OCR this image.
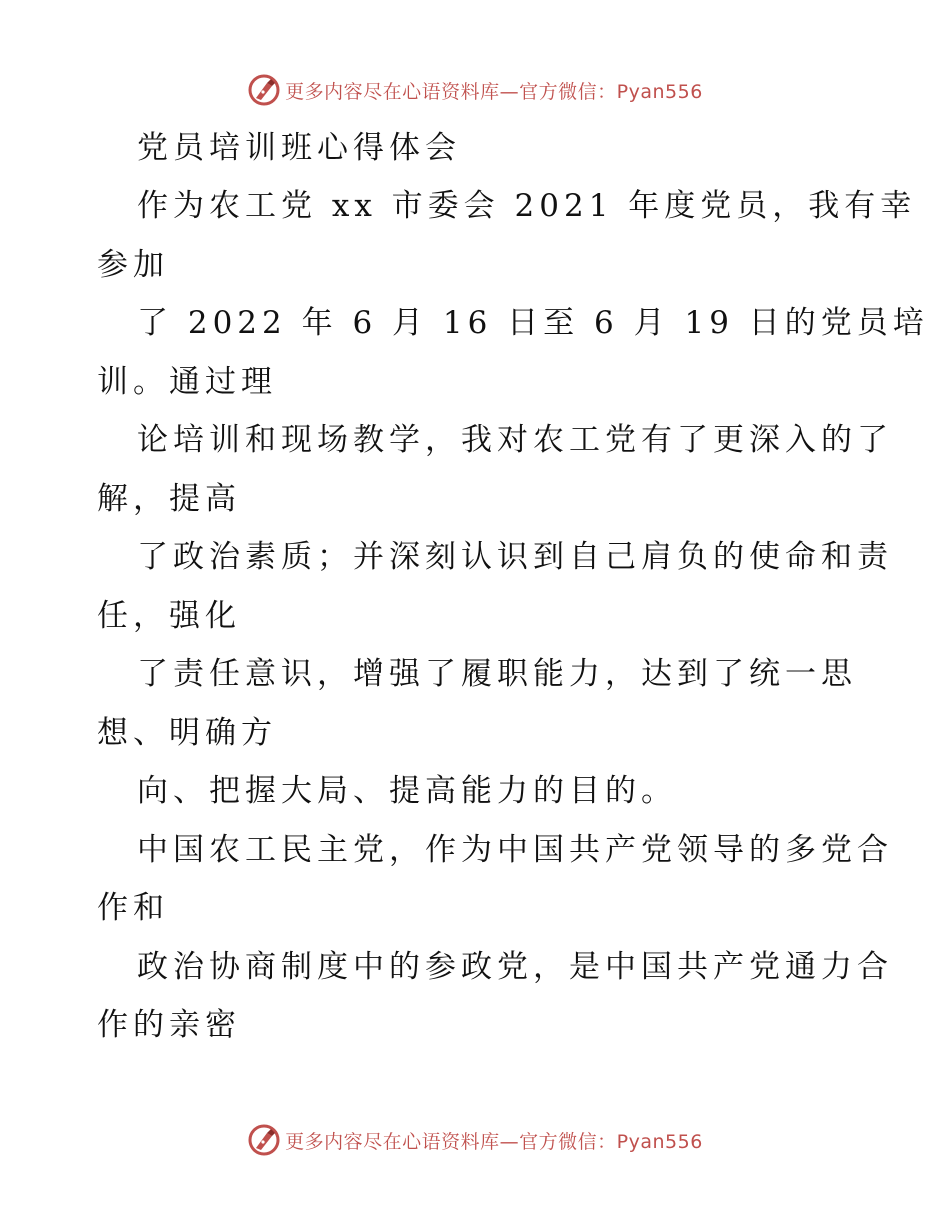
更多内容尽在心语资料库—官方微信：Pyan556
党员培训班心得体会
作为农工党 xx 市委会 2021 年度党员，我有幸
参加
了 2022 年 6 月 16 日至 6 月 19 日的党员培
训。通过理
论培训和现场教学，我对农工党有了更深入的了
解，提高
了政治素质；并深刻认识到自己肩负的使命和责
任，强化
了责任意识，增强了履职能力，达到了统一思
想、明确方
向、把握大局、提高能力的目的。
中国农工民主党，作为中国共产党领导的多党合
作和
政治协商制度中的参政党，是中国共产党通力合
作的亲密
更多内容尽在心语资料库—官方微信：Pyan556
